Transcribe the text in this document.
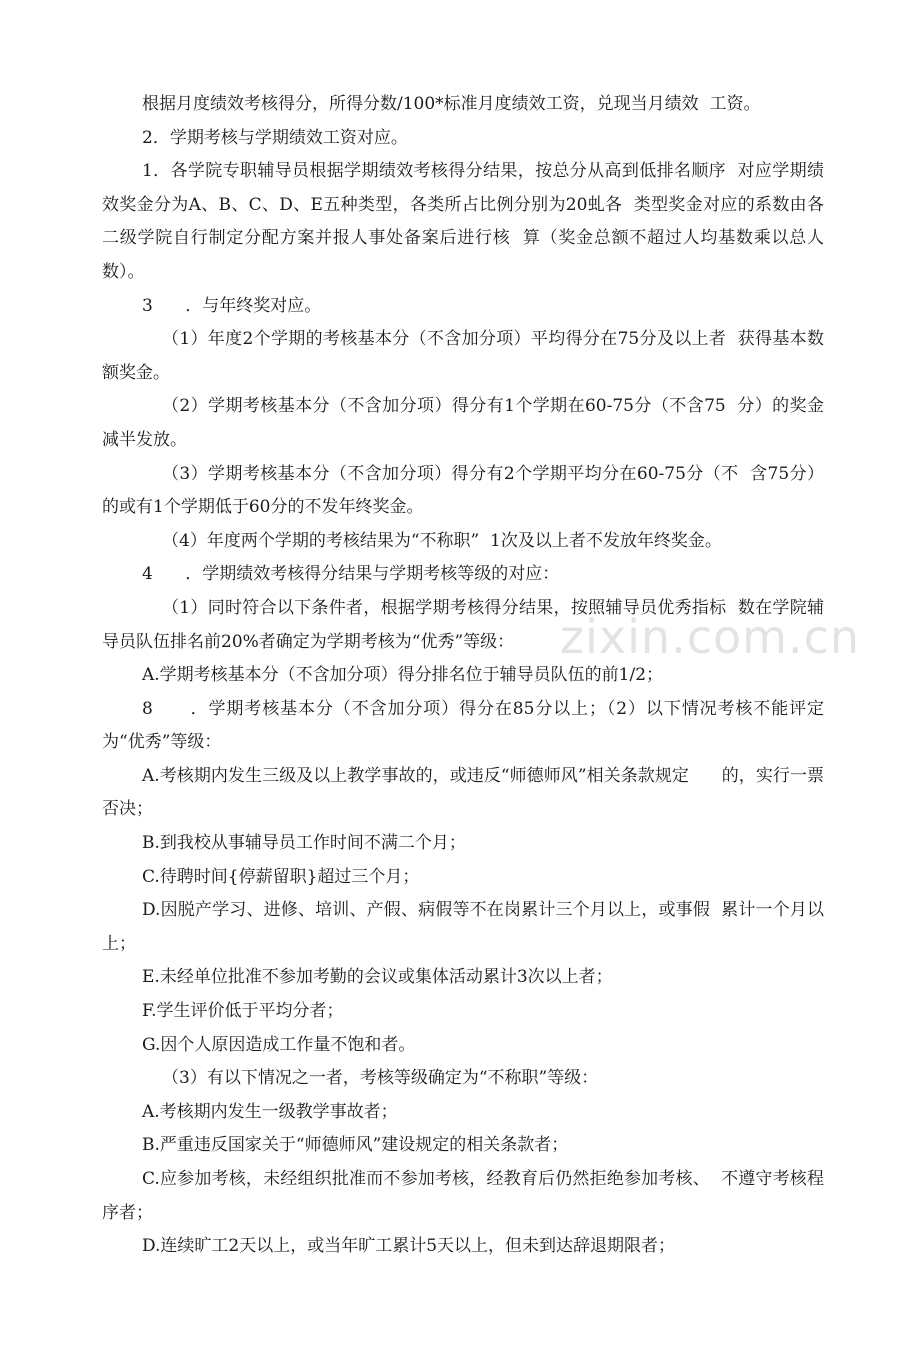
根据月度绩效考核得分，所得分数/100*标准月度绩效工资，兑现当月绩效  工资。

2．学期考核与学期绩效工资对应。

1．各学院专职辅导员根据学期绩效考核得分结果，按总分从高到低排名顺序  对应学期绩效奖金分为A、B、C、D、E五种类型，各类所占比例分别为20虬各  类型奖金对应的系数由各二级学院自行制定分配方案并报人事处备案后进行核  算（奖金总额不超过人均基数乘以总人数）。

3      ．与年终奖对应。

（1）年度2个学期的考核基本分（不含加分项）平均得分在75分及以上者  获得基本数额奖金。

（2）学期考核基本分（不含加分项）得分有1个学期在60-75分（不含75  分）的奖金减半发放。

（3）学期考核基本分（不含加分项）得分有2个学期平均分在60-75分（不  含75分）的或有1个学期低于60分的不发年终奖金。

（4）年度两个学期的考核结果为“不称职”  1次及以上者不发放年终奖金。

4      ．学期绩效考核得分结果与学期考核等级的对应：

（1）同时符合以下条件者，根据学期考核得分结果，按照辅导员优秀指标  数在学院辅导员队伍排名前20%者确定为学期考核为“优秀”等级：

A.学期考核基本分（不含加分项）得分排名位于辅导员队伍的前1/2；

8      ．学期考核基本分（不含加分项）得分在85分以上；（2）以下情况考核不能评定为“优秀”等级：

A.考核期内发生三级及以上教学事故的，或违反“师德师风”相关条款规定      的，实行一票否决；

B.到我校从事辅导员工作时间不满二个月；

C.待聘时间{停薪留职}超过三个月；

D.因脱产学习、进修、培训、产假、病假等不在岗累计三个月以上，或事假  累计一个月以上；

E.未经单位批准不参加考勤的会议或集体活动累计3次以上者；

F.学生评价低于平均分者；

G.因个人原因造成工作量不饱和者。

（3）有以下情况之一者，考核等级确定为“不称职”等级：

A.考核期内发生一级教学事故者；

B.严重违反国家关于“师德师风”建设规定的相关条款者；

C.应参加考核，未经组织批准而不参加考核，经教育后仍然拒绝参加考核、  不遵守考核程序者；

D.连续旷工2天以上，或当年旷工累计5天以上，但未到达辞退期限者；

zixin.com.cn
